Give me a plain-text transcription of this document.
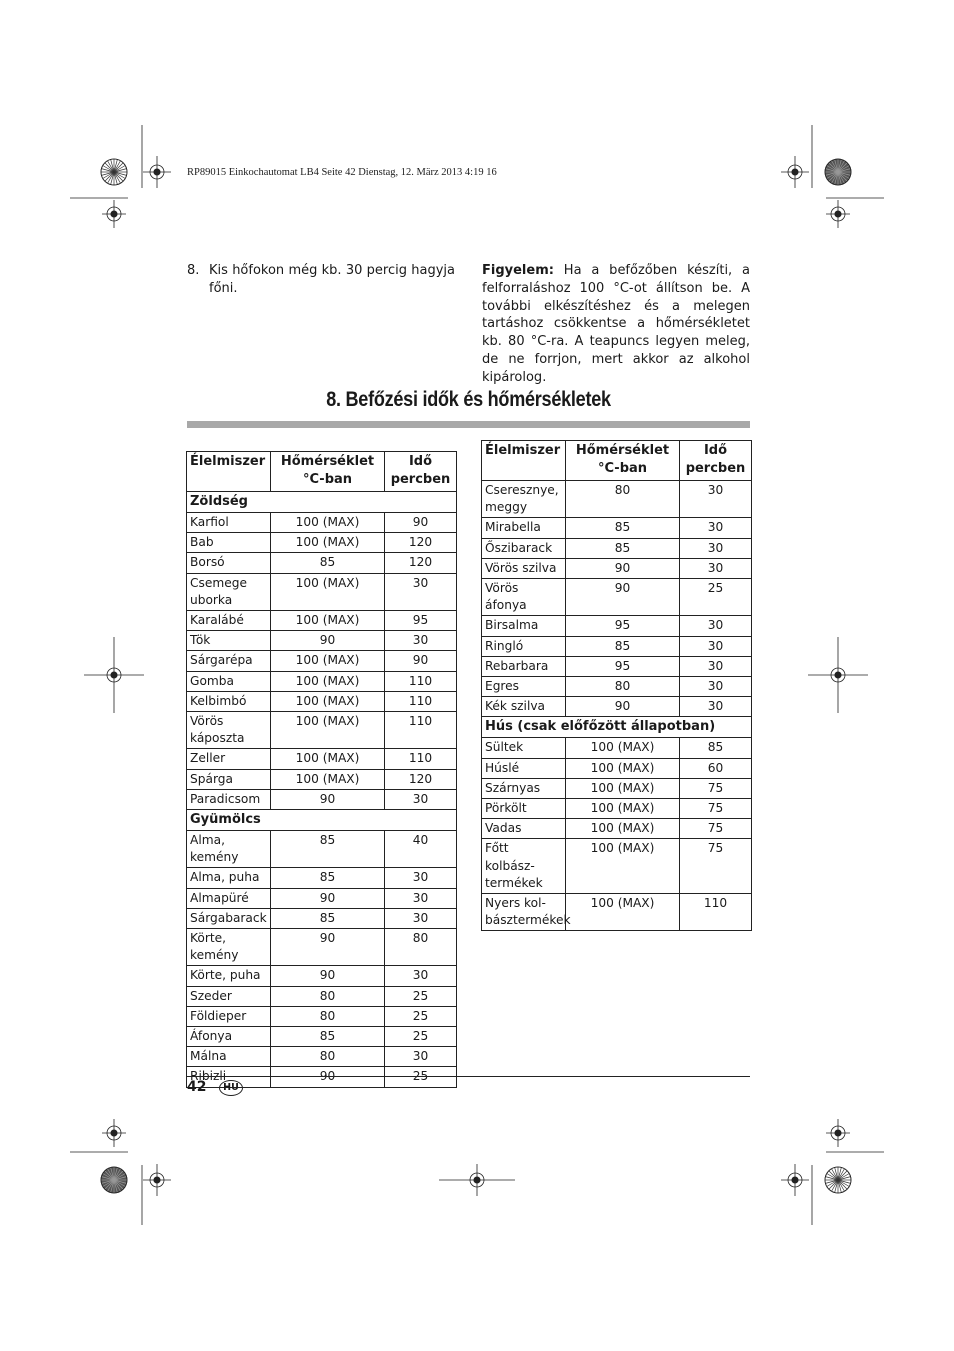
RP89015 Einkochautomat LB4 Seite 42 Dienstag, 12. März 2013 4:19 16
8. Kis hőfokon még kb. 30 percig hagyja főni.
Figyelem: Ha a befőzőben készíti, a felforraláshoz 100 °C-ot állítson be. A további elkészítéshez és a melegen tartáshoz csökkentse a hőmérsékletet kb. 80 °C-ra. A teapuncs legyen meleg, de ne forrjon, mert akkor az alkohol kipárolog.
8. Befőzési idők és hőmérsékletek
Élelmiszer	Hőmérséklet °C-ban	Idő percben
Zöldség		
Karfiol	100 (MAX)	90
Bab	100 (MAX)	120
Borsó	85	120
Csemege uborka	100 (MAX)	30
Karalábé	100 (MAX)	95
Tök	90	30
Sárgarépa	100 (MAX)	90
Gomba	100 (MAX)	110
Kelbimbó	100 (MAX)	110
Vörös káposzta	100 (MAX)	110
Zeller	100 (MAX)	110
Spárga	100 (MAX)	120
Paradicsom	90	30
Gyümölcs		
Alma, kemény	85	40
Alma, puha	85	30
Almapüré	90	30
Sárgabarack	85	30
Körte, kemény	90	80
Körte, puha	90	30
Szeder	80	25
Földieper	80	25
Áfonya	85	25
Málna	80	30
Ribizli	90	25
Élelmiszer	Hőmérséklet °C-ban	Idő percben
Cseresznye, meggy	80	30
Mirabella	85	30
Őszibarack	85	30
Vörös szilva	90	30
Vörös áfonya	90	25
Birsalma	95	30
Ringló	85	30
Rebarbara	95	30
Egres	80	30
Kék szilva	90	30
Hús (csak előfőzött állapotban)		
Sültek	100 (MAX)	85
Húslé	100 (MAX)	60
Szárnyas	100 (MAX)	75
Pörkölt	100 (MAX)	75
Vadas	100 (MAX)	75
Főtt kolbász-termékek	100 (MAX)	75
Nyers kol-básztermékek	100 (MAX)	110
42	HU
